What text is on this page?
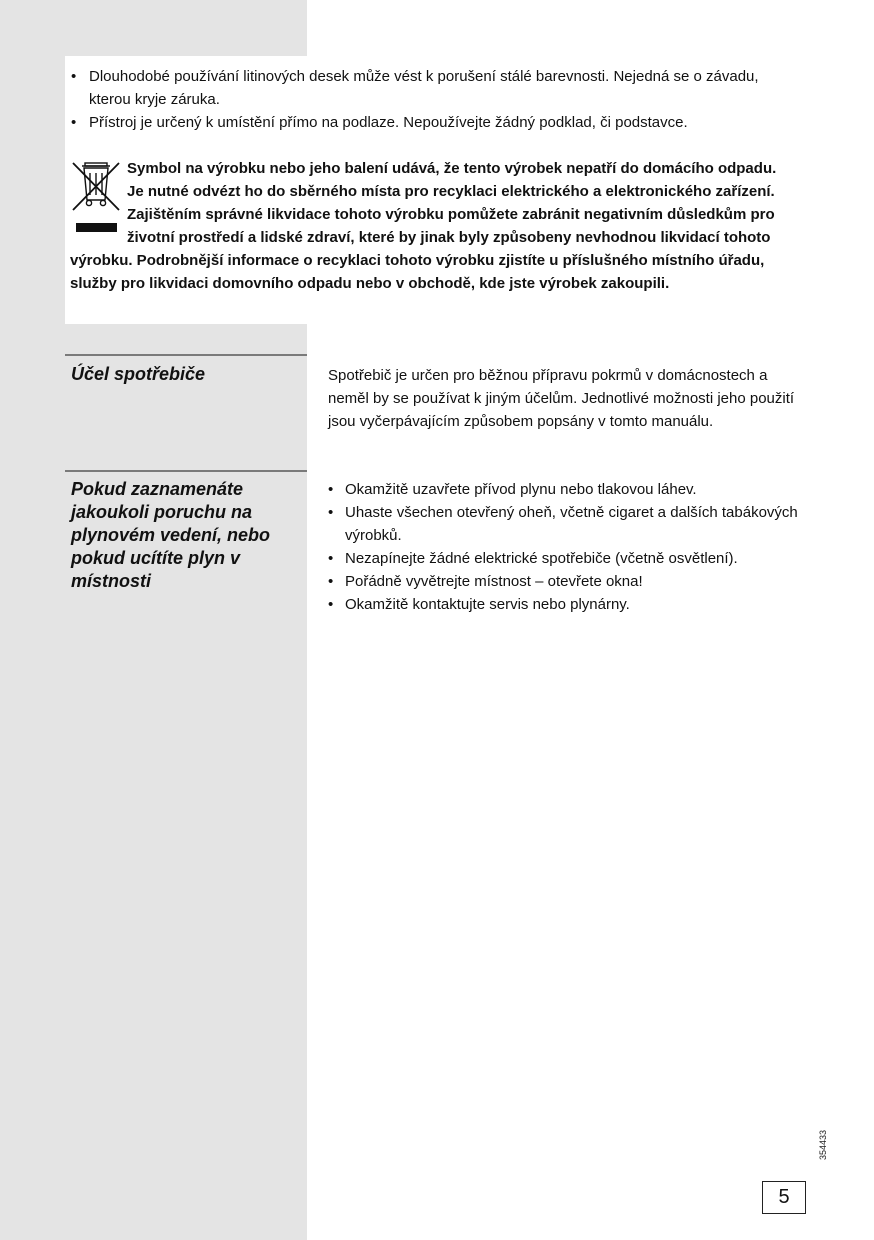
• Dlouhodobé používání litinových desek může vést k porušení stálé barevnosti. Nejedná se o závadu, kterou kryje záruka.
• Přístroj je určený k umístění přímo na podlaze. Nepoužívejte žádný podklad, či podstavce.

Symbol na výrobku nebo jeho balení udává, že tento výrobek nepatří do domácího odpadu. Je nutné odvézt ho do sběrného místa pro recyklaci elektrického a elektronického zařízení. Zajištěním správné likvidace tohoto výrobku pomůžete zabránit negativním důsledkům pro životní prostředí a lidské zdraví, které by jinak byly způsobeny nevhodnou likvidací tohoto výrobku. Podrobnější informace o recyklaci tohoto výrobku zjistíte u příslušného místního úřadu, služby pro likvidaci domovního odpadu nebo v obchodě, kde jste výrobek zakoupili.

Účel spotřebiče	Spotřebič je určen pro běžnou přípravu pokrmů v domácnostech a neměl by se používat k jiným účelům. Jednotlivé možnosti jeho použití jsou vyčerpávajícím způsobem popsány v tomto manuálu.

Pokud zaznamenáte jakoukoli poruchu na plynovém vedení, nebo pokud ucítíte plyn v místnosti
• Okamžitě uzavřete přívod plynu nebo tlakovou láhev.
• Uhaste všechen otevřený oheň, včetně cigaret a dalších tabákových výrobků.
• Nezapínejte žádné elektrické spotřebiče (včetně osvětlení).
• Pořádně vyvětrejte místnost – otevřete okna!
• Okamžitě kontaktujte servis nebo plynárny.
354433
5
